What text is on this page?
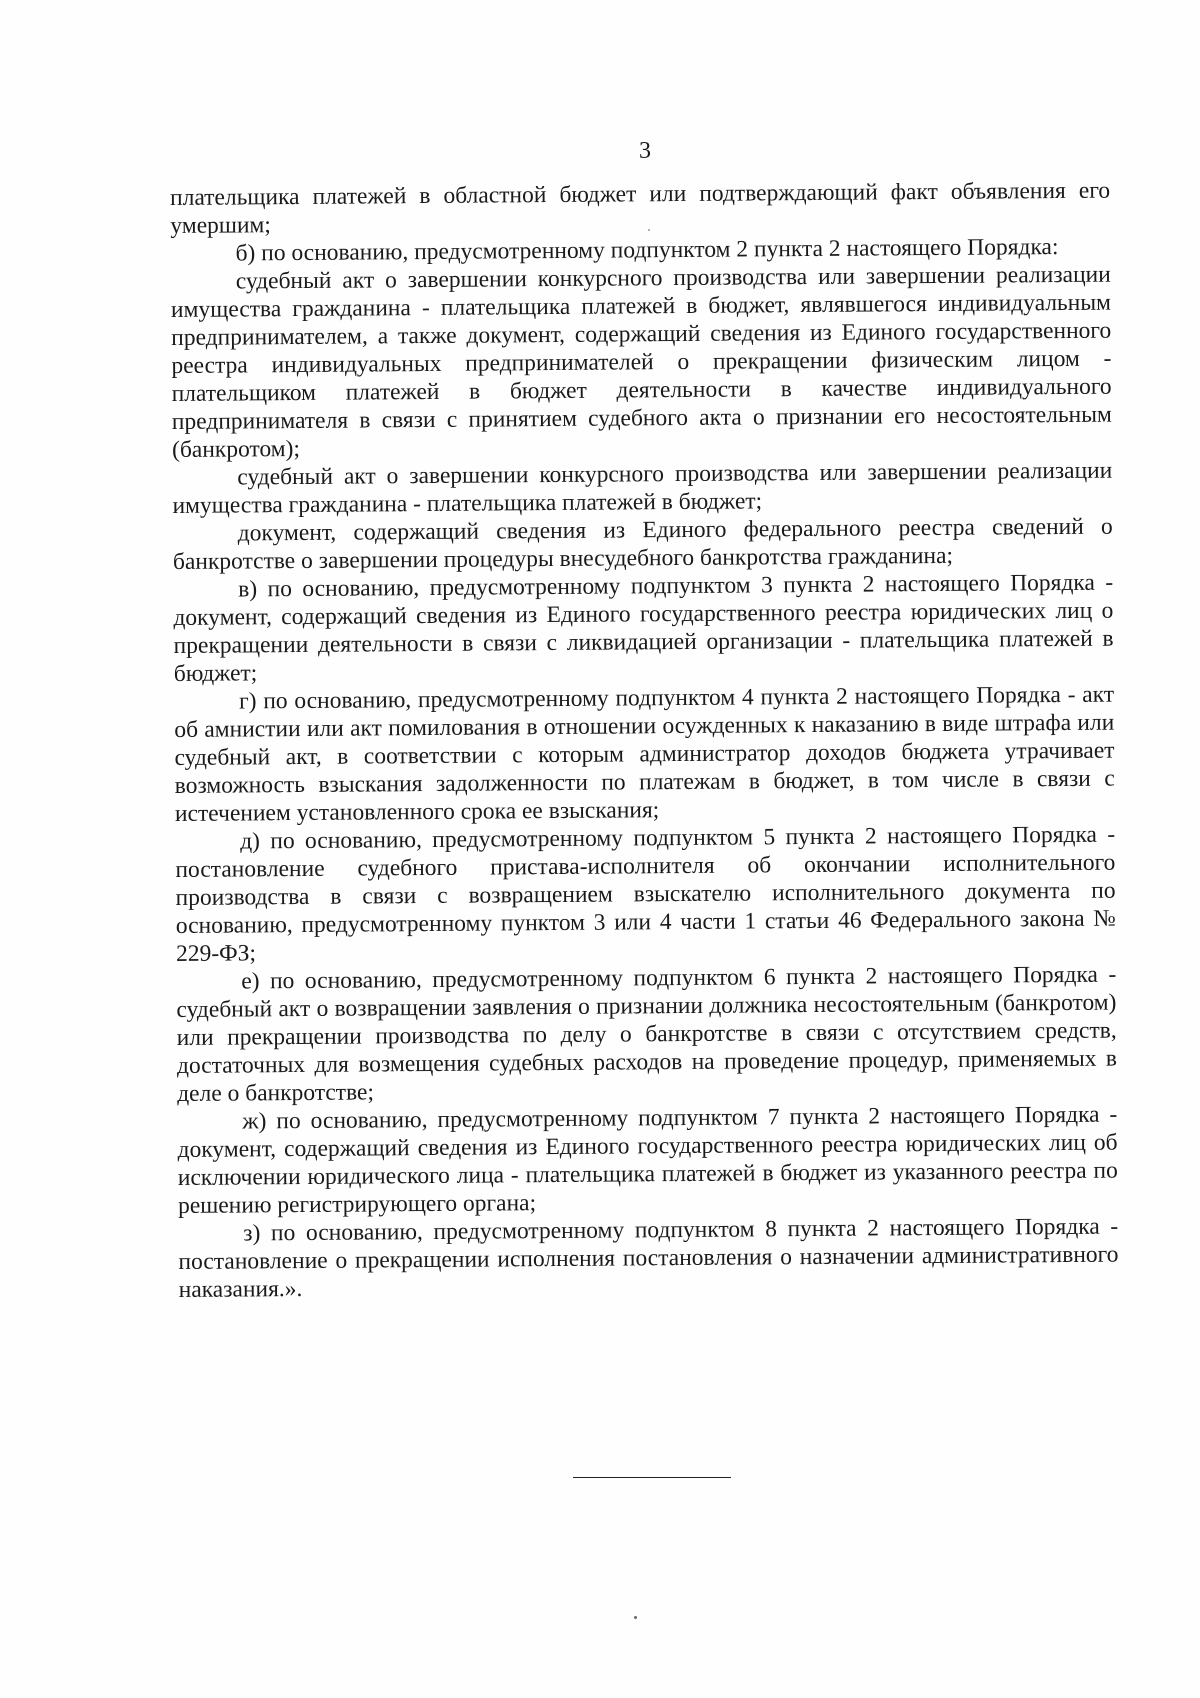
3

плательщика платежей в областной бюджет или подтверждающий факт объявления его умершим;

б) по основанию, предусмотренному подпунктом 2 пункта 2 настоящего Порядка:

судебный акт о завершении конкурсного производства или завершении реализации имущества гражданина - плательщика платежей в бюджет, являвшегося индивидуальным предпринимателем, а также документ, содержащий сведения из Единого государственного реестра индивидуальных предпринимателей о прекращении физическим лицом - плательщиком платежей в бюджет деятельности в качестве индивидуального предпринимателя в связи с принятием судебного акта о признании его несостоятельным (банкротом);

судебный акт о завершении конкурсного производства или завершении реализации имущества гражданина - плательщика платежей в бюджет;

документ, содержащий сведения из Единого федерального реестра сведений о банкротстве о завершении процедуры внесудебного банкротства гражданина;

в) по основанию, предусмотренному подпунктом 3 пункта 2 настоящего Порядка - документ, содержащий сведения из Единого государственного реестра юридических лиц о прекращении деятельности в связи с ликвидацией организации - плательщика платежей в бюджет;

г) по основанию, предусмотренному подпунктом 4 пункта 2 настоящего Порядка - акт об амнистии или акт помилования в отношении осужденных к наказанию в виде штрафа или судебный акт, в соответствии с которым администратор доходов бюджета утрачивает возможность взыскания задолженности по платежам в бюджет, в том числе в связи с истечением установленного срока ее взыскания;

д) по основанию, предусмотренному подпунктом 5 пункта 2 настоящего Порядка - постановление судебного пристава-исполнителя об окончании исполнительного производства в связи с возвращением взыскателю исполнительного документа по основанию, предусмотренному пунктом 3 или 4 части 1 статьи 46 Федерального закона № 229-ФЗ;

е) по основанию, предусмотренному подпунктом 6 пункта 2 настоящего Порядка - судебный акт о возвращении заявления о признании должника несостоятельным (банкротом) или прекращении производства по делу о банкротстве в связи с отсутствием средств, достаточных для возмещения судебных расходов на проведение процедур, применяемых в деле о банкротстве;

ж) по основанию, предусмотренному подпунктом 7 пункта 2 настоящего Порядка - документ, содержащий сведения из Единого государственного реестра юридических лиц об исключении юридического лица - плательщика платежей в бюджет из указанного реестра по решению регистрирующего органа;

з) по основанию, предусмотренному подпунктом 8 пункта 2 настоящего Порядка - постановление о прекращении исполнения постановления о назначении административного наказания.».
